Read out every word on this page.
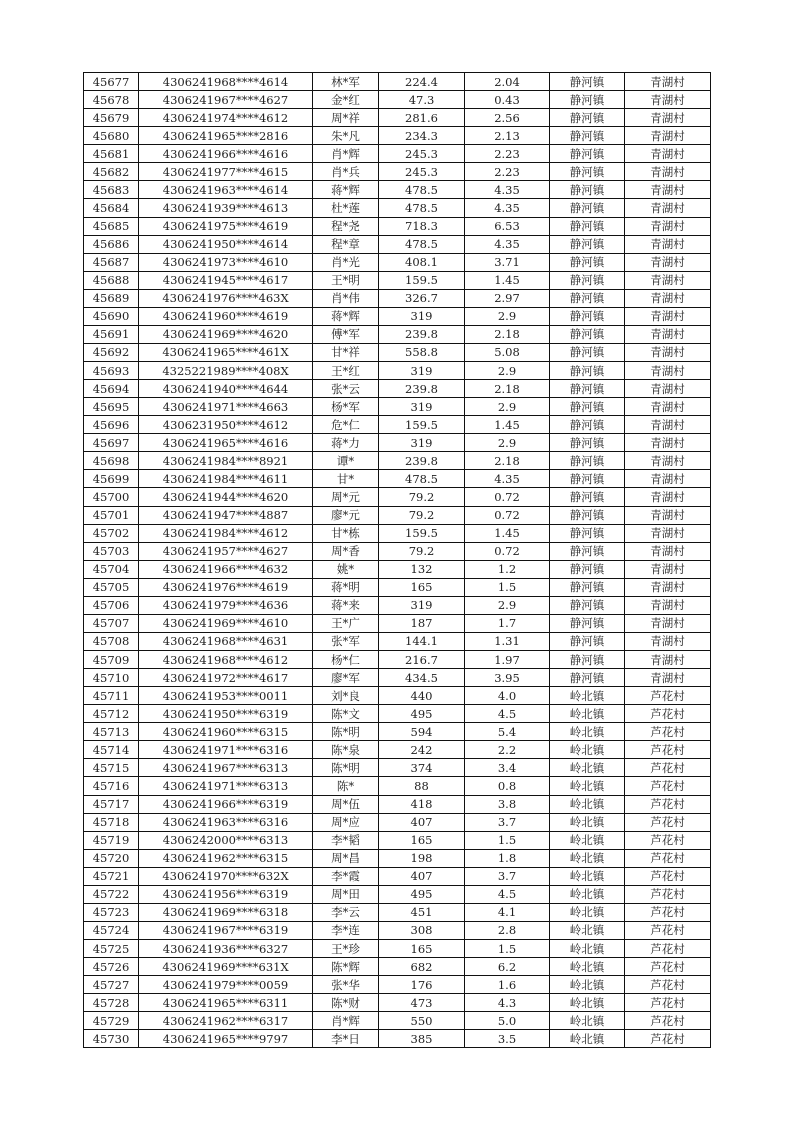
45677	4306241968****4614	林*军	224.4	2.04	静河镇	青湖村
45678	4306241967****4627	金*红	47.3	0.43	静河镇	青湖村
45679	4306241974****4612	周*祥	281.6	2.56	静河镇	青湖村
45680	4306241965****2816	朱*凡	234.3	2.13	静河镇	青湖村
45681	4306241966****4616	肖*辉	245.3	2.23	静河镇	青湖村
45682	4306241977****4615	肖*兵	245.3	2.23	静河镇	青湖村
45683	4306241963****4614	蒋*辉	478.5	4.35	静河镇	青湖村
45684	4306241939****4613	杜*莲	478.5	4.35	静河镇	青湖村
45685	4306241975****4619	程*尧	718.3	6.53	静河镇	青湖村
45686	4306241950****4614	程*章	478.5	4.35	静河镇	青湖村
45687	4306241973****4610	肖*光	408.1	3.71	静河镇	青湖村
45688	4306241945****4617	王*明	159.5	1.45	静河镇	青湖村
45689	4306241976****463X	肖*伟	326.7	2.97	静河镇	青湖村
45690	4306241960****4619	蒋*辉	319	2.9	静河镇	青湖村
45691	4306241969****4620	傅*军	239.8	2.18	静河镇	青湖村
45692	4306241965****461X	甘*祥	558.8	5.08	静河镇	青湖村
45693	4325221989****408X	王*红	319	2.9	静河镇	青湖村
45694	4306241940****4644	张*云	239.8	2.18	静河镇	青湖村
45695	4306241971****4663	杨*军	319	2.9	静河镇	青湖村
45696	4306231950****4612	危*仁	159.5	1.45	静河镇	青湖村
45697	4306241965****4616	蒋*力	319	2.9	静河镇	青湖村
45698	4306241984****8921	谭*	239.8	2.18	静河镇	青湖村
45699	4306241984****4611	甘*	478.5	4.35	静河镇	青湖村
45700	4306241944****4620	周*元	79.2	0.72	静河镇	青湖村
45701	4306241947****4887	廖*元	79.2	0.72	静河镇	青湖村
45702	4306241984****4612	甘*栋	159.5	1.45	静河镇	青湖村
45703	4306241957****4627	周*香	79.2	0.72	静河镇	青湖村
45704	4306241966****4632	姚*	132	1.2	静河镇	青湖村
45705	4306241976****4619	蒋*明	165	1.5	静河镇	青湖村
45706	4306241979****4636	蒋*来	319	2.9	静河镇	青湖村
45707	4306241969****4610	王*广	187	1.7	静河镇	青湖村
45708	4306241968****4631	张*军	144.1	1.31	静河镇	青湖村
45709	4306241968****4612	杨*仁	216.7	1.97	静河镇	青湖村
45710	4306241972****4617	廖*军	434.5	3.95	静河镇	青湖村
45711	4306241953****0011	刘*良	440	4.0	岭北镇	芦花村
45712	4306241950****6319	陈*文	495	4.5	岭北镇	芦花村
45713	4306241960****6315	陈*明	594	5.4	岭北镇	芦花村
45714	4306241971****6316	陈*泉	242	2.2	岭北镇	芦花村
45715	4306241967****6313	陈*明	374	3.4	岭北镇	芦花村
45716	4306241971****6313	陈*	88	0.8	岭北镇	芦花村
45717	4306241966****6319	周*伍	418	3.8	岭北镇	芦花村
45718	4306241963****6316	周*应	407	3.7	岭北镇	芦花村
45719	4306242000****6313	李*韬	165	1.5	岭北镇	芦花村
45720	4306241962****6315	周*昌	198	1.8	岭北镇	芦花村
45721	4306241970****632X	李*霞	407	3.7	岭北镇	芦花村
45722	4306241956****6319	周*田	495	4.5	岭北镇	芦花村
45723	4306241969****6318	李*云	451	4.1	岭北镇	芦花村
45724	4306241967****6319	李*连	308	2.8	岭北镇	芦花村
45725	4306241936****6327	王*珍	165	1.5	岭北镇	芦花村
45726	4306241969****631X	陈*辉	682	6.2	岭北镇	芦花村
45727	4306241979****0059	张*华	176	1.6	岭北镇	芦花村
45728	4306241965****6311	陈*财	473	4.3	岭北镇	芦花村
45729	4306241962****6317	肖*辉	550	5.0	岭北镇	芦花村
45730	4306241965****9797	李*日	385	3.5	岭北镇	芦花村
